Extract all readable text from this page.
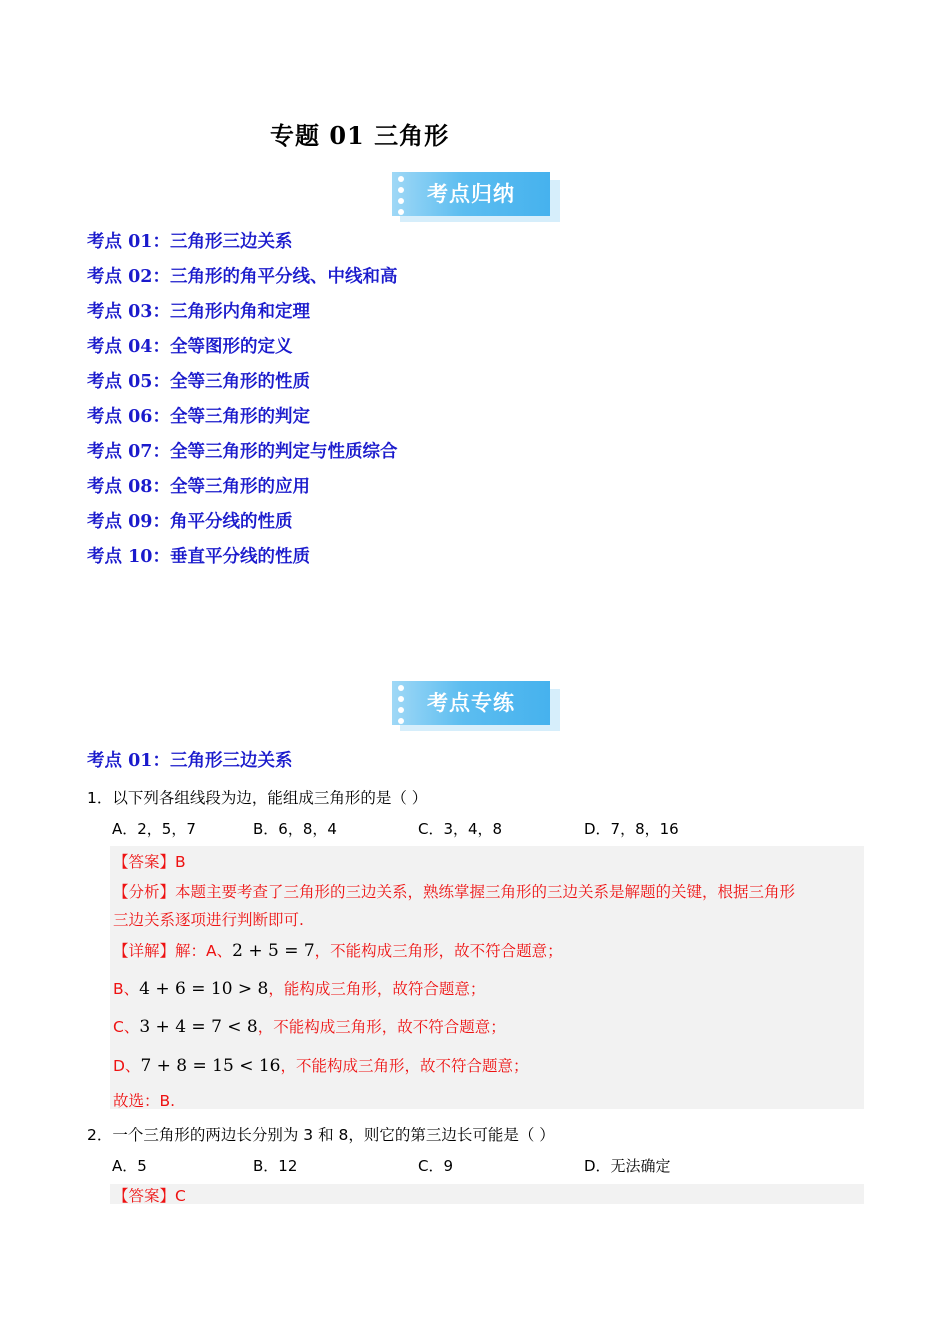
专题 01 三角形
考点归纳
考点 01：三角形三边关系
考点 02：三角形的角平分线、中线和高
考点 03：三角形内角和定理
考点 04：全等图形的定义
考点 05：全等三角形的性质
考点 06：全等三角形的判定
考点 07：全等三角形的判定与性质综合
考点 08：全等三角形的应用
考点 09：角平分线的性质
考点 10：垂直平分线的性质
考点专练
考点 01：三角形三边关系
1．以下列各组线段为边，能组成三角形的是（ ）
A．2，5，7	B．6，8，4	C．3，4，8	D．7，8，16
【答案】B
【分析】本题主要考查了三角形的三边关系，熟练掌握三角形的三边关系是解题的关键，根据三角形
三边关系逐项进行判断即可.
【详解】解：A、2 + 5 = 7，不能构成三角形，故不符合题意；
B、4 + 6 = 10 > 8，能构成三角形，故符合题意；
C、3 + 4 = 7 < 8，不能构成三角形，故不符合题意；
D、7 + 8 = 15 < 16，不能构成三角形，故不符合题意；
故选：B.
2．一个三角形的两边长分别为 3 和 8，则它的第三边长可能是（ ）
A．5	B．12	C．9	D．无法确定
【答案】C
